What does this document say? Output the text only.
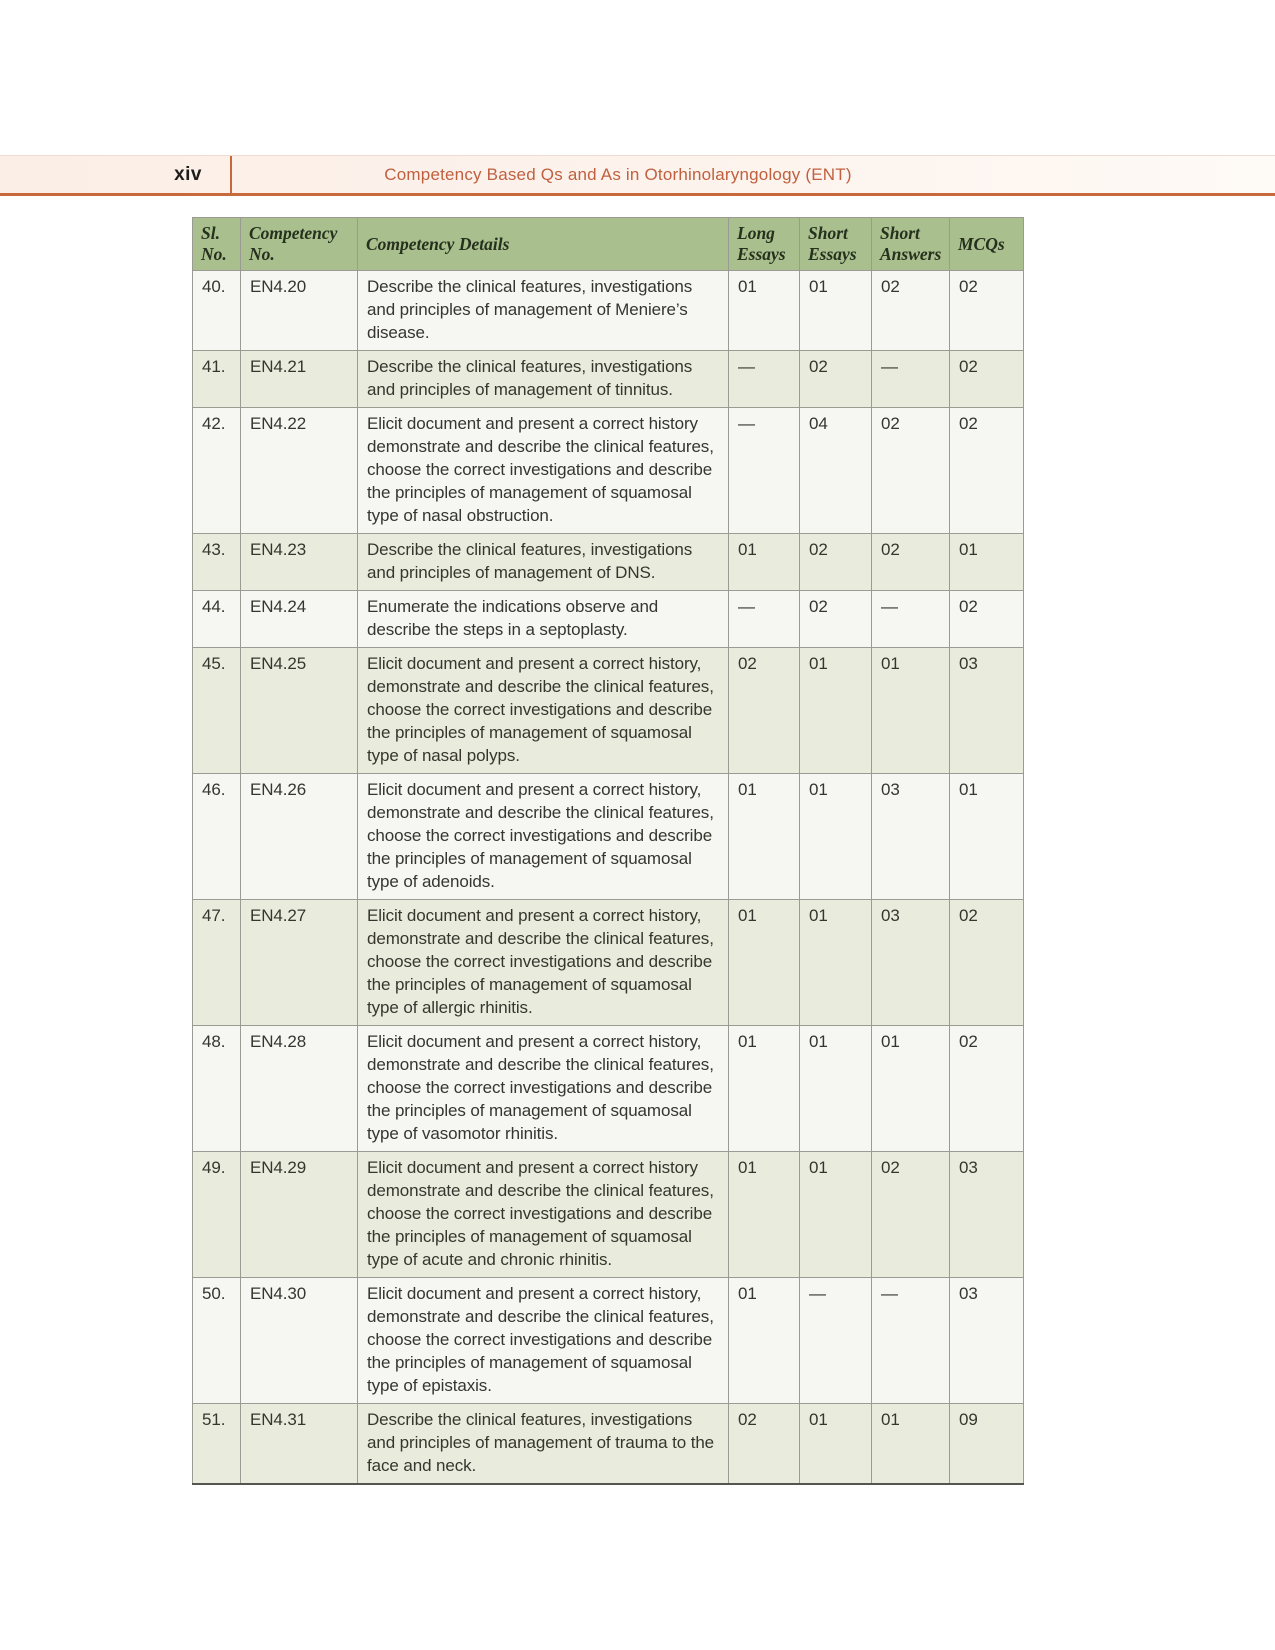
xiv	Competency Based Qs and As in Otorhinolaryngology (ENT)
Sl. No.	Competency No.	Competency Details	Long Essays	Short Essays	Short Answers	MCQs
40.	EN4.20	Describe the clinical features, investigations and principles of management of Meniere’s disease.	01	01	02	02
41.	EN4.21	Describe the clinical features, investigations and principles of management of tinnitus.	—	02	—	02
42.	EN4.22	Elicit document and present a correct history demonstrate and describe the clinical features, choose the correct investigations and describe the principles of management of squamosal type of nasal obstruction.	—	04	02	02
43.	EN4.23	Describe the clinical features, investigations and principles of management of DNS.	01	02	02	01
44.	EN4.24	Enumerate the indications observe and describe the steps in a septoplasty.	—	02	—	02
45.	EN4.25	Elicit document and present a correct history, demonstrate and describe the clinical features, choose the correct investigations and describe the principles of management of squamosal type of nasal polyps.	02	01	01	03
46.	EN4.26	Elicit document and present a correct history, demonstrate and describe the clinical features, choose the correct investigations and describe the principles of management of squamosal type of adenoids.	01	01	03	01
47.	EN4.27	Elicit document and present a correct history, demonstrate and describe the clinical features, choose the correct investigations and describe the principles of management of squamosal type of allergic rhinitis.	01	01	03	02
48.	EN4.28	Elicit document and present a correct history, demonstrate and describe the clinical features, choose the correct investigations and describe the principles of management of squamosal type of vasomotor rhinitis.	01	01	01	02
49.	EN4.29	Elicit document and present a correct history demonstrate and describe the clinical features, choose the correct investigations and describe the principles of management of squamosal type of acute and chronic rhinitis.	01	01	02	03
50.	EN4.30	Elicit document and present a correct history, demonstrate and describe the clinical features, choose the correct investigations and describe the principles of management of squamosal type of epistaxis.	01	—	—	03
51.	EN4.31	Describe the clinical features, investigations and principles of management of trauma to the face and neck.	02	01	01	09
